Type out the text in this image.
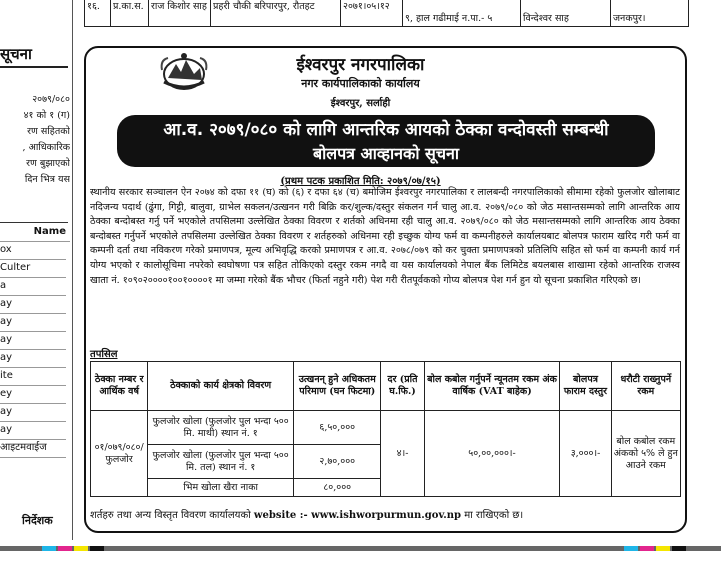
१६.	प्र.का.स. राज किशोर साह प्रहरी चौकी बरिपारपुर, रौतहट	२०७१।०५।१२
९, हाल गढीमाई न.पा.- ५	विन्देश्वर साह	जनकपुर।
सूचना
२०७९/०८०
४१ को १ (ग)
रण सहितको
, आधिकारिक
रण बुझाएको
दिन भित्र यस
Name
ox
Culter
a
ay
ay
ay
ay
ite
ey
ay
ay
आइटमवाईज
निर्देशक
ईश्वरपुर नगरपालिका
नगर कार्यपालिकाको कार्यालय
ईश्वरपुर, सर्लाही
आ.व. २०७९/०८० को लागि आन्तरिक आयको ठेक्का वन्दोवस्ती सम्बन्धी
बोलपत्र आव्हानको सूचना
(प्रथम पटक प्रकाशित मिति: २०७९/०७/१५)
स्थानीय सरकार सञ्चालन ऐन २०७४ को दफा ११ (घ) को (६) र दफा ६४ (च) बमोजिम ईश्वरपुर नगरपालिका र लालबन्दी नगरपालिकाको सीमामा रहेको फुलजोर खोलाबाट नदिजन्य पदार्थ (ढुंगा, गिट्टी, बालुवा, ग्राभेल सकलन/उत्खनन गरी बिक्रि कर/शुल्क/दस्तुर संकलन गर्न चालु आ.व. २०७९/०८० को जेठ मसान्तसम्मको लागि आन्तरिक आय ठेक्का बन्दोबस्त गर्नु पर्ने भएकोले तपसिलमा उल्लेखित ठेक्का विवरण र शर्तको अधिनमा रही चालु आ.व. २०७९/०८० को जेठ मसान्तसम्मको लागि आन्तरिक आय ठेक्का बन्दोबस्त गर्नुपर्ने भएकोले तपसिलमा उल्लेखित ठेक्का विवरण र शर्तहरुको अधिनमा रही इच्छुक योग्य फर्म वा कम्पनीहरुले कार्यालयबाट बोलपत्र फाराम खरिद गरी फर्म वा कम्पनी दर्ता तथा नविकरण गरेको प्रमाणपत्र, मूल्य अभिवृद्धि करको प्रमाणपत्र र आ.व. २०७८/०७९ को कर चुक्ता प्रमाणपत्रको प्रतिलिपि सहित सो फर्म वा कम्पनी कार्य गर्न योग्य भएको र कालोसूचिमा नपरेको स्वघोषणा पत्र सहित तोकिएको दस्तुर रकम नगदै वा यस कार्यालयको नेपाल बैंक लिमिटेड बयलबास शाखामा रहेको आन्तरिक राजस्व खाता नं. १०९०२००००१००१००००१ मा जम्मा गरेको बैंक भौचर (फिर्ता नहुने गरी) पेश गरी रीतपूर्वकको गोप्य बोलपत्र पेश गर्न हुन यो सूचना प्रकाशित गरिएको छ।
तपसिल
ठेक्का नम्बर र आर्थिक वर्ष	ठेक्काको कार्य क्षेत्रको विवरण	उत्खनन् हुने अधिकतम परिमाण (घन फिटमा)	दर (प्रति घ.फि.)	बोल कबोल गर्नुपर्ने न्यूनतम रकम अंक वार्षिक (VAT बाहेक)	बोलपत्र फाराम दस्तुर	धरौटी राख्नुपर्ने रकम
०१/०७९/०८०/ फुलजोर	फुलजोर खोला (फुलजोर पुल भन्दा ५०० मि. माथी) स्थान नं. १	६,५०,०००	४।-	५०,००,०००।-	३,०००।-	बोल कबोल रकम अंकको ५% ले हुन आउने रकम
	फुलजोर खोला (फुलजोर पुल भन्दा ५०० मि. तल) स्थान नं. १	२,७०,०००				
	भिम खोला खैरा नाका	८०,०००				
शर्तहरु तथा अन्य विस्तृत विवरण कार्यालयको website :- www.ishworpurmun.gov.np मा राखिएको छ।
